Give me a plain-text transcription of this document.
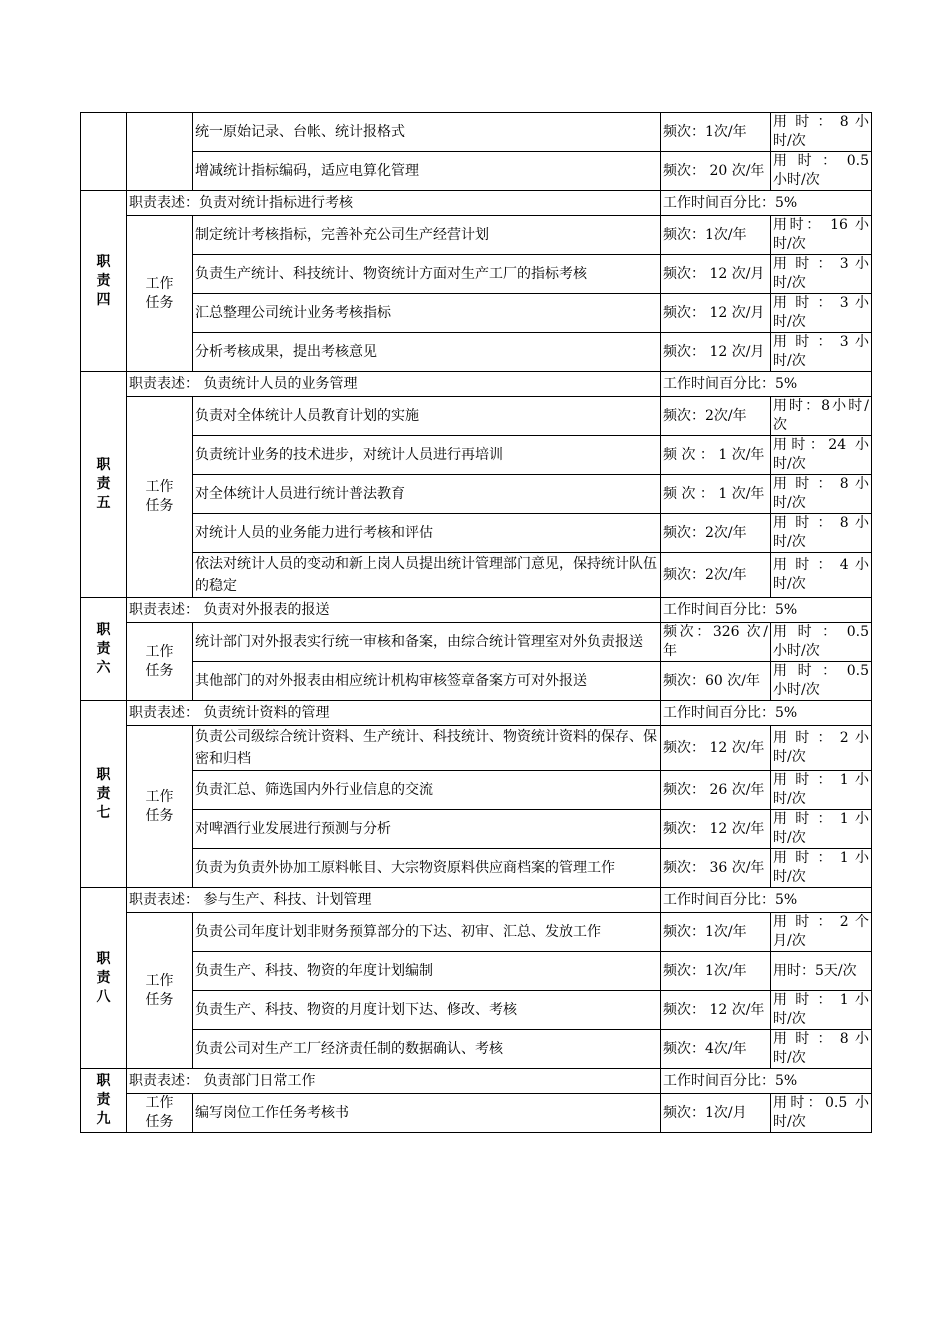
		统一原始记录、台帐、统计报格式	频次：1次/年	用 时 ： 8 小时/次
		增减统计指标编码，适应电算化管理	频次： 20 次/年	用 时 ： 0.5 小时/次
职责四	职责表述：负责对统计指标进行考核		工作时间百分比：5%	
	工作任务	制定统计考核指标，完善补充公司生产经营计划	频次：1次/年	用时： 16 小时/次
		负责生产统计、科技统计、物资统计方面对生产工厂的指标考核	频次： 12 次/月	用 时 ： 3 小时/次
		汇总整理公司统计业务考核指标	频次： 12 次/月	用 时 ： 3 小时/次
		分析考核成果，提出考核意见	频次： 12 次/月	用 时 ： 3 小时/次
职责五	职责表述： 负责统计人员的业务管理		工作时间百分比：5%	
	工作任务	负责对全体统计人员教育计划的实施	频次：2次/年	用时：8小时/次
		负责统计业务的技术进步，对统计人员进行再培训	频 次 ： 1 次/年	用时：24 小时/次
		对全体统计人员进行统计普法教育	频 次 ： 1 次/年	用 时 ： 8 小时/次
		对统计人员的业务能力进行考核和评估	频次：2次/年	用 时 ： 8 小时/次
		依法对统计人员的变动和新上岗人员提出统计管理部门意见，保持统计队伍的稳定	频次：2次/年	用 时 ： 4 小时/次
职责六	职责表述： 负责对外报表的报送		工作时间百分比：5%	
	工作任务	统计部门对外报表实行统一审核和备案，由综合统计管理室对外负责报送	频次：326 次/年	用 时 ： 0.5 小时/次
		其他部门的对外报表由相应统计机构审核签章备案方可对外报送	频次：60 次/年	用 时 ： 0.5 小时/次
职责七	职责表述： 负责统计资料的管理		工作时间百分比：5%	
	工作任务	负责公司级综合统计资料、生产统计、科技统计、物资统计资料的保存、保密和归档	频次： 12 次/年	用 时 ： 2 小时/次
		负责汇总、筛选国内外行业信息的交流	频次： 26 次/年	用 时 ： 1 小时/次
		对啤酒行业发展进行预测与分析	频次： 12 次/年	用 时 ： 1 小时/次
		负责为负责外协加工原料帐目、大宗物资原料供应商档案的管理工作	频次： 36 次/年	用 时 ： 1 小时/次
职责八	职责表述： 参与生产、科技、计划管理		工作时间百分比：5%	
	工作任务	负责公司年度计划非财务预算部分的下达、初审、汇总、发放工作	频次：1次/年	用 时 ： 2 个月/次
		负责生产、科技、物资的年度计划编制	频次：1次/年	用时：5天/次
		负责生产、科技、物资的月度计划下达、修改、考核	频次： 12 次/年	用 时 ： 1 小时/次
		负责公司对生产工厂经济责任制的数据确认、考核	频次：4次/年	用 时 ： 8 小时/次
职责九	职责表述： 负责部门日常工作		工作时间百分比：5%	
	工作任务	编写岗位工作任务考核书	频次：1次/月	用时：0.5 小时/次
